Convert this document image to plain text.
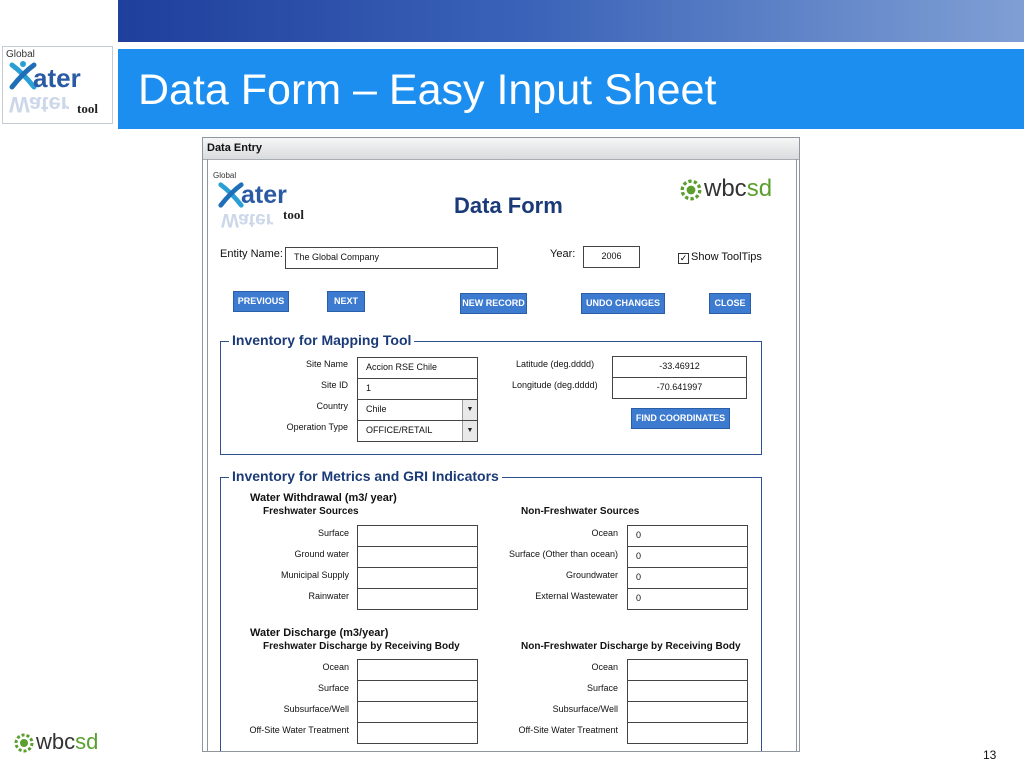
Data Form – Easy Input Sheet
Global
ater
Water tool
wbcsd
13
Data Entry
Global
ater
Water tool	Data Form
wbcsd
Entity Name:	The Global Company	Year:	2006	✓ Show ToolTips
PREVIOUS	NEXT	NEW RECORD	UNDO CHANGES	CLOSE
Inventory for Mapping Tool
Site Name	Accion RSE Chile
Site ID	1
Country	Chile	▼
Operation Type	OFFICE/RETAIL	▼
Latitude (deg.dddd)	-33.46912
Longitude (deg.dddd)	-70.641997
FIND COORDINATES
Inventory for Metrics and GRI Indicators
Water Withdrawal (m3/ year)
Freshwater Sources	Non-Freshwater Sources
Surface
Ground water
Municipal Supply
Rainwater
Ocean	0
Surface (Other than ocean)	0
Groundwater	0
External Wastewater	0
Water Discharge (m3/year)
Freshwater Discharge by Receiving Body	Non-Freshwater Discharge by Receiving Body
Ocean
Surface
Subsurface/Well
Off-Site Water Treatment
Ocean
Surface
Subsurface/Well
Off-Site Water Treatment
